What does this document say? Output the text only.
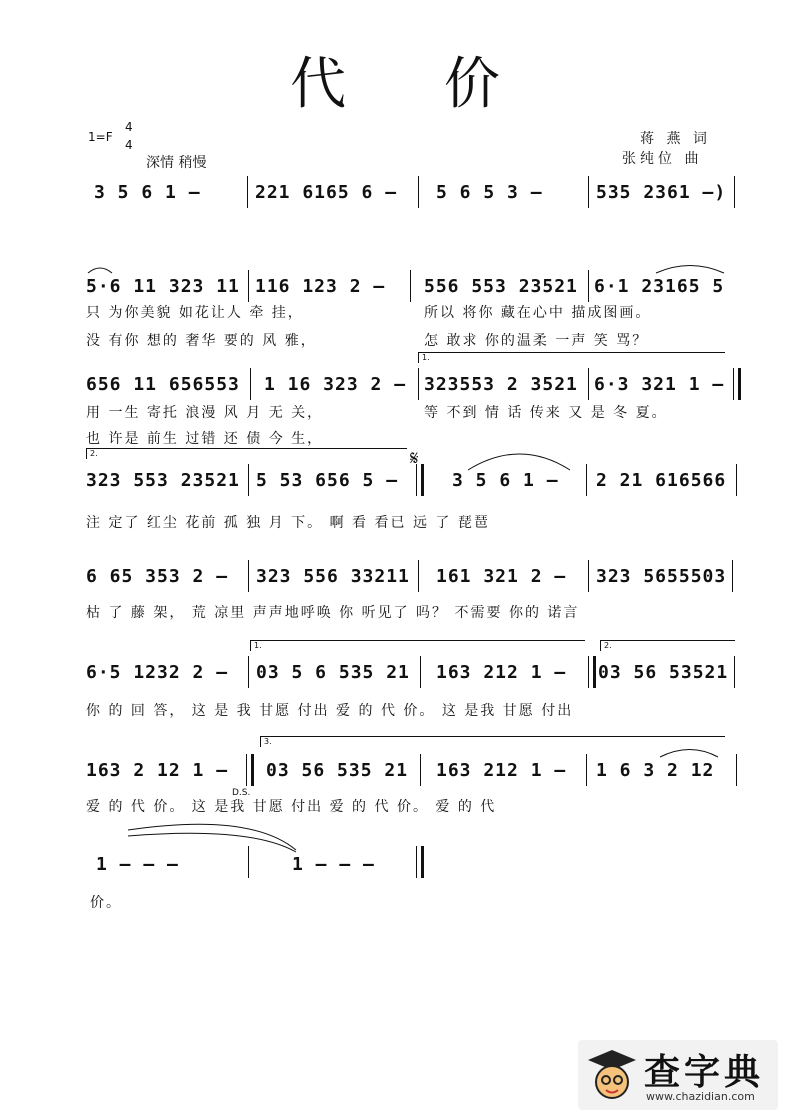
代 价
1=F
4
4
深情 稍慢
蒋 燕 词
张纯位 曲
3 5 6 1 –	221 6165 6 – 5 6 5 3 –	535 2361 –)
5·6 11 323 11 116 123 2 – 556 553 23521 6·1 23165 5
只 为你美貌 如花让人 牵 挂，	所以 将你 藏在心中 描成图画。
没 有你 想的 奢华 要的 风 雅，	怎 敢求 你的温柔 一声 笑 骂？
1.
656 11 656553 1 16 323 2 – 323553 2 3521 6·3 321 1 –
用 一生 寄托 浪漫 风 月 无 关，	等 不到 情 话 传来 又 是 冬 夏。
也 许是 前生 过错 还 债 今 生，
2.	𝄋
323 553 23521 5 53 656 5 –	3 5 6 1 – 2 21 616566
注 定了 红尘 花前 孤 独 月 下。 啊 看 看已 远 了 琵琶
6 65 353 2 – 323 556 33211 161 321 2 – 323 5655503
枯 了 藤 架， 荒 凉里 声声地呼唤 你 听见了 吗？ 不需要 你的 诺言
1.	2.
6·5 1232 2 – 03 5 6 535 21 163 212 1 – 03 56 53521
你 的 回 答， 这 是 我 甘愿 付出 爱 的 代 价。 这 是我 甘愿 付出
3.
163 2 12 1 –
D.S.
03 56 535 21 163 212 1 – 1 6 3 2 12
爱 的 代 价。 这 是我 甘愿 付出 爱 的 代 价。 爱 的 代
1 – – –	1 – – –
价。
查字典
www.chazidian.com
